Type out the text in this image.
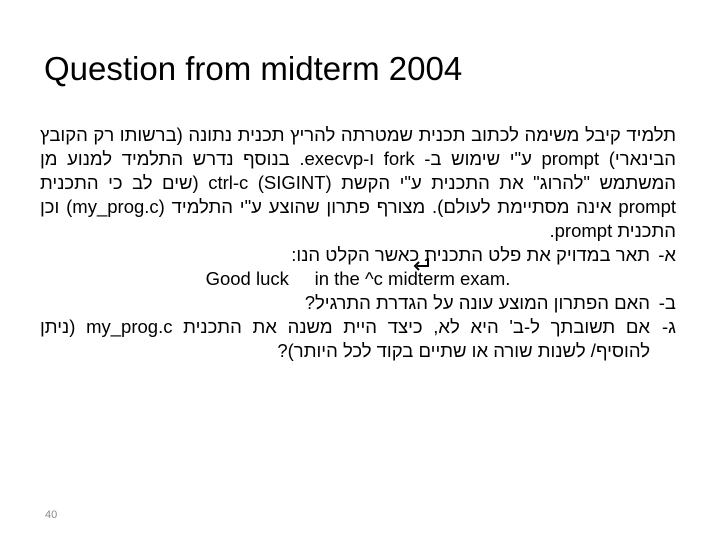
Question from midterm 2004

תלמיד קיבל משימה לכתוב תכנית שמטרתה להריץ תכנית נתונה (ברשותו רק הקובץ הבינארי) prompt ע"י שימוש ב- fork ו-execvp. בנוסף נדרש התלמיד למנוע מן המשתמש "להרוג" את התכנית ע"י הקשת ctrl-c (SIGINT) (שים לב כי התכנית prompt אינה מסתיימת לעולם). מצורף פתרון שהוצע ע"י התלמיד (my_prog.c) וכן התכנית prompt.

א-
תאר במדויק את פלט התכנית כאשר הקלט הנו:

Good luck     in the ^c midterm exam.

ב-
האם הפתרון המוצע עונה על הגדרת התרגיל?
ג-
אם תשובתך ל-ב' היא לא, כיצד היית משנה את התכנית my_prog.c (ניתן להוסיף/ לשנות שורה או שתיים בקוד לכל היותר)?
40
